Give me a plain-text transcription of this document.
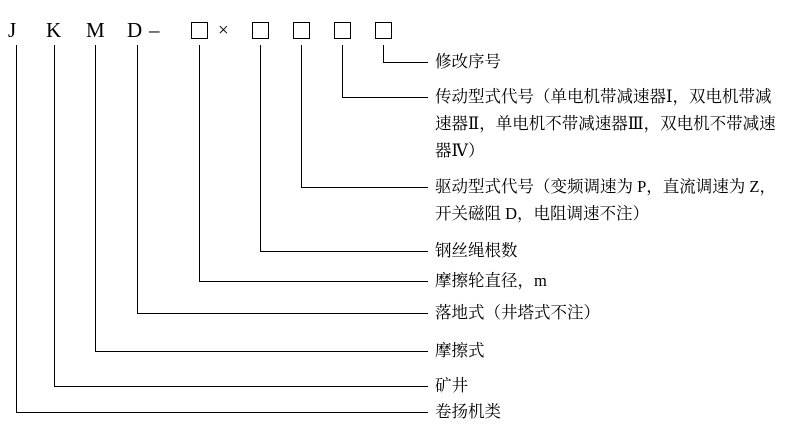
J K M D –	×
修改序号
传动型式代号（单电机带减速器Ⅰ，双电机带减速器Ⅱ，单电机不带减速器Ⅲ，双电机不带减速器Ⅳ）
驱动型式代号（变频调速为 P，直流调速为 Z，开关磁阻 D，电阻调速不注）
钢丝绳根数
摩擦轮直径，m
落地式（井塔式不注）
摩擦式
矿井
卷扬机类
